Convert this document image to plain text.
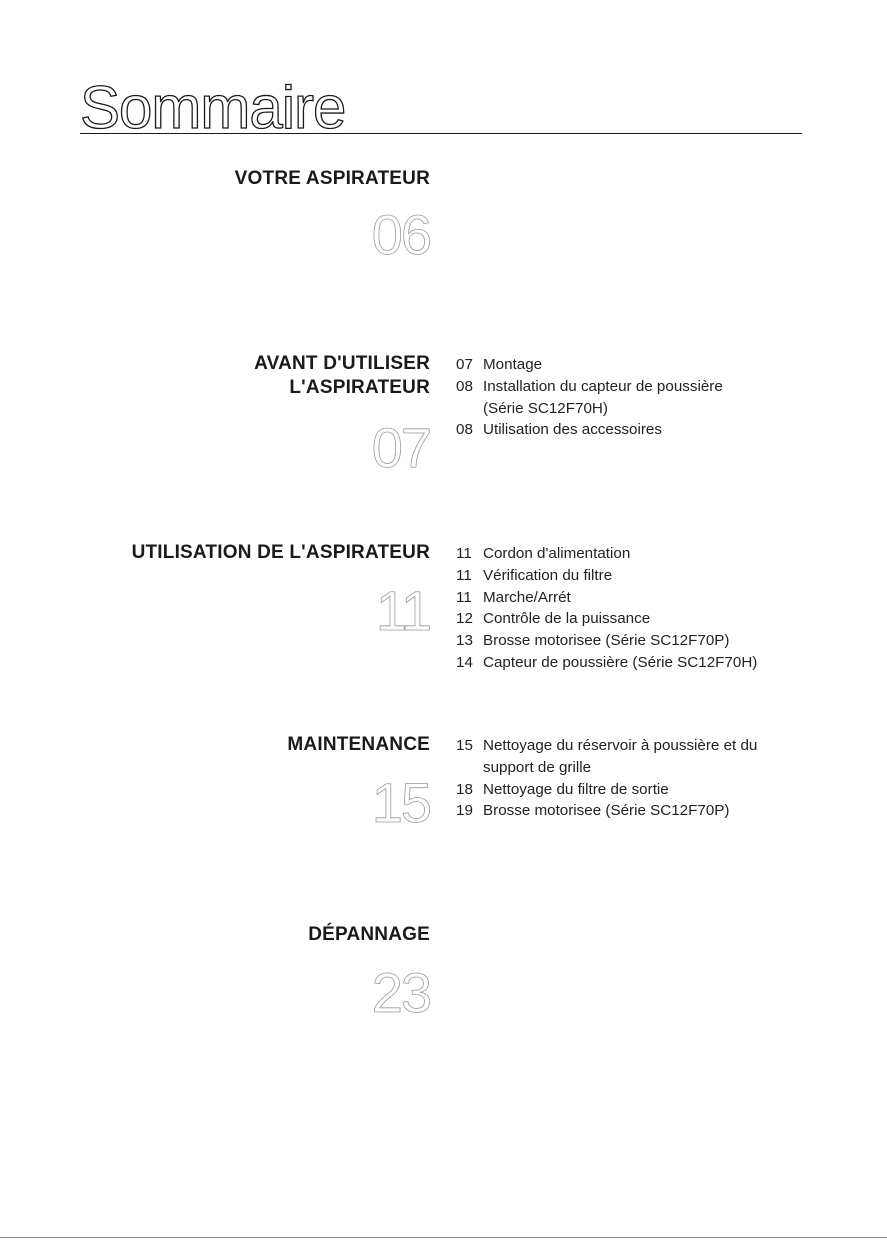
Sommaire
VOTRE ASPIRATEUR
06
AVANT D'UTILISER
L'ASPIRATEUR
07
07 Montage
08 Installation du capteur de poussière
(Série SC12F70H)
08 Utilisation des accessoires
UTILISATION DE L'ASPIRATEUR
11
11 Cordon d'alimentation
11 Vérification du filtre
11 Marche/Arrét
12 Contrôle de la puissance
13 Brosse motorisee (Série SC12F70P)
14 Capteur de poussière (Série SC12F70H)
MAINTENANCE
15
15 Nettoyage du réservoir à poussière et du
support de grille
18 Nettoyage du filtre de sortie
19 Brosse motorisee (Série SC12F70P)
DÉPANNAGE
23
